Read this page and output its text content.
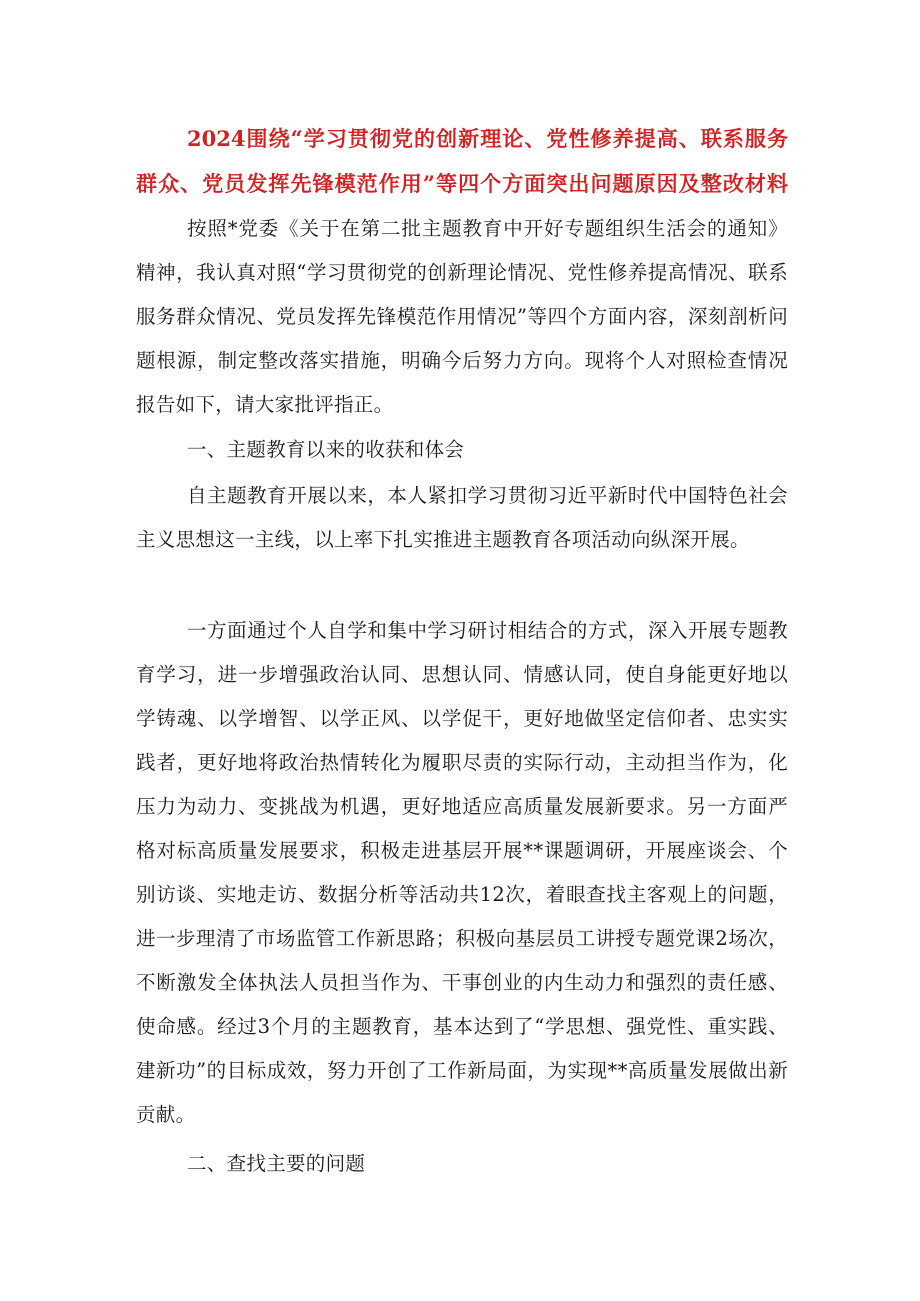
2024围绕“学习贯彻党的创新理论、党性修养提高、联系服务
群众、党员发挥先锋模范作用”等四个方面突出问题原因及整改材料

按照*党委《关于在第二批主题教育中开好专题组织生活会的通知》精神，我认真对照“学习贯彻党的创新理论情况、党性修养提高情况、联系服务群众情况、党员发挥先锋模范作用情况”等四个方面内容，深刻剖析问题根源，制定整改落实措施，明确今后努力方向。现将个人对照检查情况报告如下，请大家批评指正。

一、主题教育以来的收获和体会

自主题教育开展以来，本人紧扣学习贯彻习近平新时代中国特色社会主义思想这一主线，以上率下扎实推进主题教育各项活动向纵深开展。

一方面通过个人自学和集中学习研讨相结合的方式，深入开展专题教育学习，进一步增强政治认同、思想认同、情感认同，使自身能更好地以学铸魂、以学增智、以学正风、以学促干，更好地做坚定信仰者、忠实实践者，更好地将政治热情转化为履职尽责的实际行动，主动担当作为，化压力为动力、变挑战为机遇，更好地适应高质量发展新要求。另一方面严格对标高质量发展要求，积极走进基层开展**课题调研，开展座谈会、个别访谈、实地走访、数据分析等活动共12次，着眼查找主客观上的问题，进一步理清了市场监管工作新思路；积极向基层员工讲授专题党课2场次，不断激发全体执法人员担当作为、干事创业的内生动力和强烈的责任感、使命感。经过3个月的主题教育，基本达到了“学思想、强党性、重实践、建新功”的目标成效，努力开创了工作新局面，为实现**高质量发展做出新贡献。

二、查找主要的问题
